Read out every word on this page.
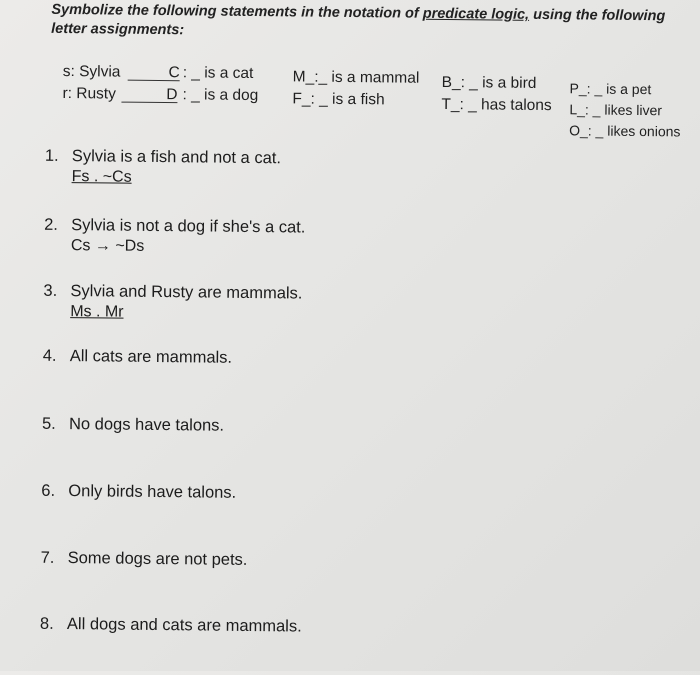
Symbolize the following statements in the notation of predicate logic, using the following letter assignments:
s: Sylvia
r: Rusty
C
D
: _ is a cat
: _ is a dog
M_:_ is a mammal
F_: _ is a fish
B_: _ is a bird
T_: _ has talons
P_: _ is a pet
L_: _ likes liver
O_: _ likes onions
1. Sylvia is a fish and not a cat.
Fs . ~Cs
2. Sylvia is not a dog if she's a cat.
Cs → ~Ds
3. Sylvia and Rusty are mammals.
Ms . Mr
4. All cats are mammals.
5. No dogs have talons.
6. Only birds have talons.
7. Some dogs are not pets.
8. All dogs and cats are mammals.
